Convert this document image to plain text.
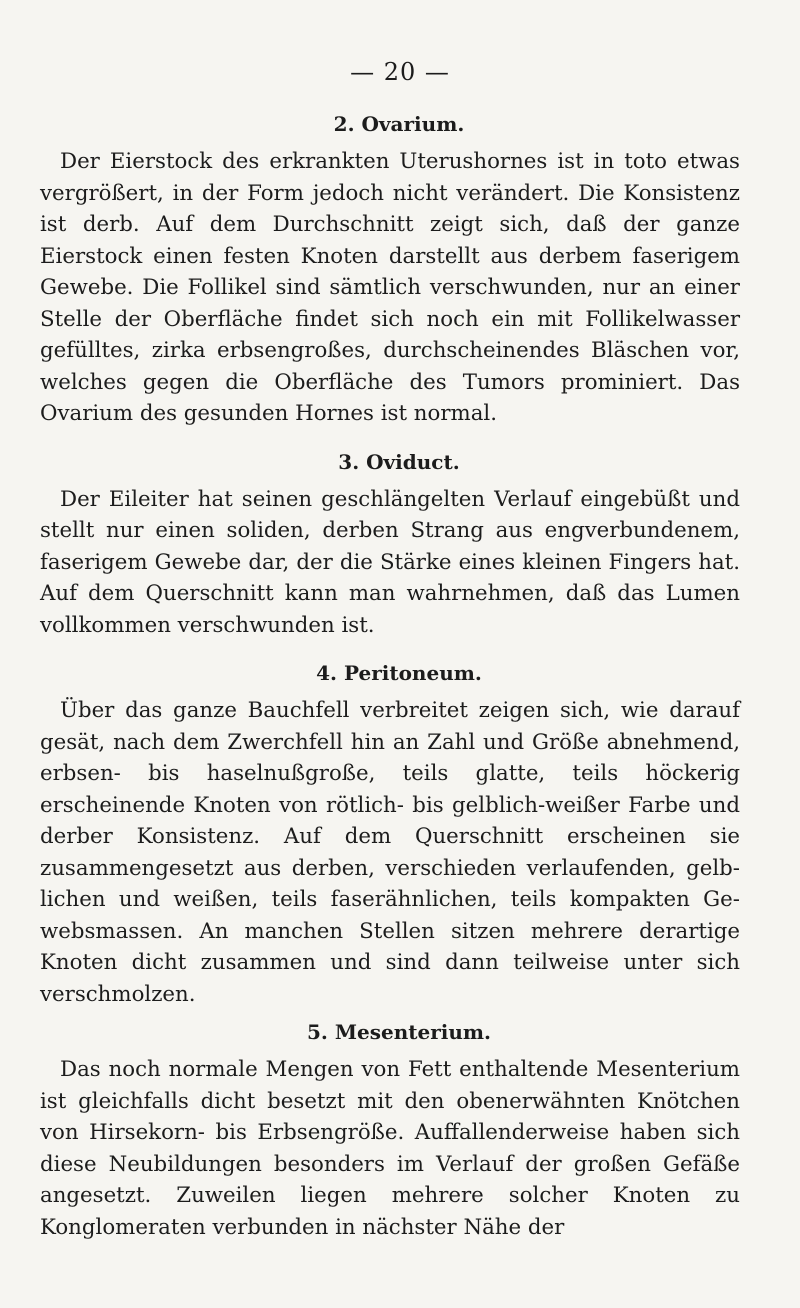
— 20 —
2. Ovarium.

Der Eierstock des erkrankten Uterushornes ist in toto etwas vergrößert, in der Form jedoch nicht verändert. Die Konsistenz ist derb. Auf dem Durchschnitt zeigt sich, daß der ganze Eierstock einen festen Knoten darstellt aus derbem faserigem Gewebe. Die Follikel sind sämtlich verschwunden, nur an einer Stelle der Oberfläche findet sich noch ein mit Follikelwasser gefülltes, zirka erbsengroßes, durchscheinendes Bläschen vor, welches gegen die Oberfläche des Tumors prominiert. Das Ovarium des gesunden Hornes ist normal.

3. Oviduct.

Der Eileiter hat seinen geschlängelten Verlauf eingebüßt und stellt nur einen soliden, derben Strang aus engverbundenem, faserigem Gewebe dar, der die Stärke eines kleinen Fingers hat. Auf dem Querschnitt kann man wahrnehmen, daß das Lumen vollkommen verschwunden ist.

4. Peritoneum.

Über das ganze Bauchfell verbreitet zeigen sich, wie darauf gesät, nach dem Zwerchfell hin an Zahl und Größe abnehmend, erbsen- bis haselnußgroße, teils glatte, teils höckerig erscheinende Knoten von rötlich- bis gelblich-weißer Farbe und derber Konsistenz. Auf dem Querschnitt erscheinen sie zusammengesetzt aus derben, verschieden verlaufenden, gelblichen und weißen, teils faserähnlichen, teils kompakten Gewebsmassen. An manchen Stellen sitzen mehrere derartige Knoten dicht zusammen und sind dann teilweise unter sich verschmolzen.

5. Mesenterium.

Das noch normale Mengen von Fett enthaltende Mesenterium ist gleichfalls dicht besetzt mit den obenerwähnten Knötchen von Hirsekorn- bis Erbsengröße. Auffallenderweise haben sich diese Neubildungen besonders im Verlauf der großen Gefäße angesetzt. Zuweilen liegen mehrere solcher Knoten zu Konglomeraten verbunden in nächster Nähe der
